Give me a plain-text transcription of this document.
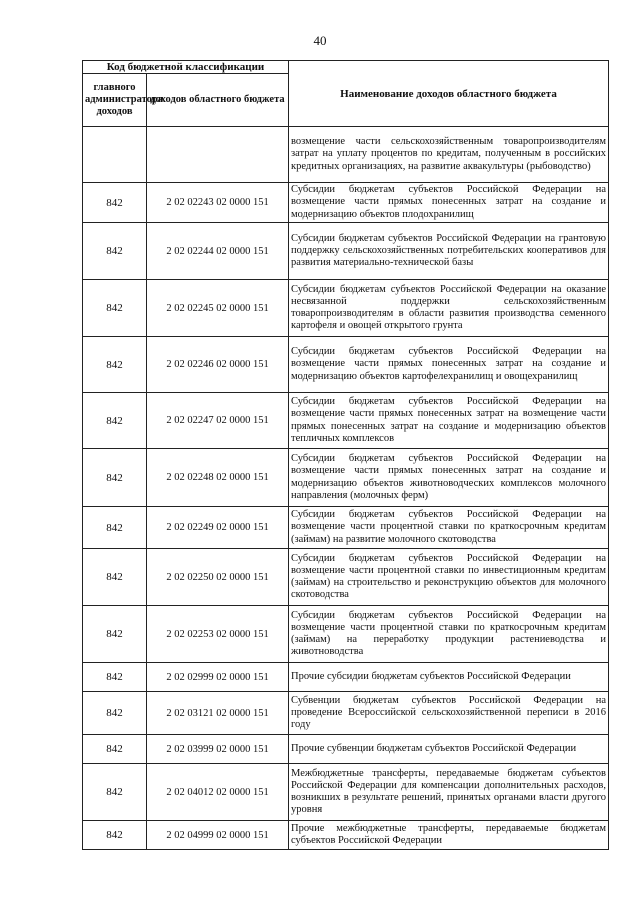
40
Код бюджетной классификации		Наименование доходов областного бюджета
главного администратора доходов	доходов областного бюджета	
		возмещение части сельскохозяйственным товаропроизводителям затрат на уплату процентов по кредитам, полученным в российских кредитных организациях, на развитие аквакультуры (рыбоводство)
842	2 02 02243 02 0000 151	Субсидии бюджетам субъектов Российской Федерации на возмещение части прямых понесенных затрат на создание и модернизацию объектов плодохранилищ
842	2 02 02244 02 0000 151	Субсидии бюджетам субъектов Российской Федерации на грантовую поддержку сельскохозяйственных потребительских кооперативов для развития материально-технической базы
842	2 02 02245 02 0000 151	Субсидии бюджетам субъектов Российской Федерации на оказание несвязанной поддержки сельскохозяйственным товаропроизводителям в области развития производства семенного картофеля и овощей открытого грунта
842	2 02 02246 02 0000 151	Субсидии бюджетам субъектов Российской Федерации на возмещение части прямых понесенных затрат на создание и модернизацию объектов картофелехранилищ и овощехранилищ
842	2 02 02247 02 0000 151	Субсидии бюджетам субъектов Российской Федерации на возмещение части прямых понесенных затрат на возмещение части прямых понесенных затрат на создание и модернизацию объектов тепличных комплексов
842	2 02 02248 02 0000 151	Субсидии бюджетам субъектов Российской Федерации на возмещение части прямых понесенных затрат на создание и модернизацию объектов животноводческих комплексов молочного направления (молочных ферм)
842	2 02 02249 02 0000 151	Субсидии бюджетам субъектов Российской Федерации на возмещение части процентной ставки по краткосрочным кредитам (займам) на развитие молочного скотоводства
842	2 02 02250 02 0000 151	Субсидии бюджетам субъектов Российской Федерации на возмещение части процентной ставки по инвестиционным кредитам (займам) на строительство и реконструкцию объектов для молочного скотоводства
842	2 02 02253 02 0000 151	Субсидии бюджетам субъектов Российской Федерации на возмещение части процентной ставки по краткосрочным кредитам (займам) на переработку продукции растениеводства и животноводства
842	2 02 02999 02 0000 151	Прочие субсидии бюджетам субъектов Российской Федерации
842	2 02 03121 02 0000 151	Субвенции бюджетам субъектов Российской Федерации на проведение Всероссийской сельскохозяйственной переписи в 2016 году
842	2 02 03999 02 0000 151	Прочие субвенции бюджетам субъектов Российской Федерации
842	2 02 04012 02 0000 151	Межбюджетные трансферты, передаваемые бюджетам субъектов Российской Федерации для компенсации дополнительных расходов, возникших в результате решений, принятых органами власти другого уровня
842	2 02 04999 02 0000 151	Прочие межбюджетные трансферты, передаваемые бюджетам субъектов Российской Федерации
